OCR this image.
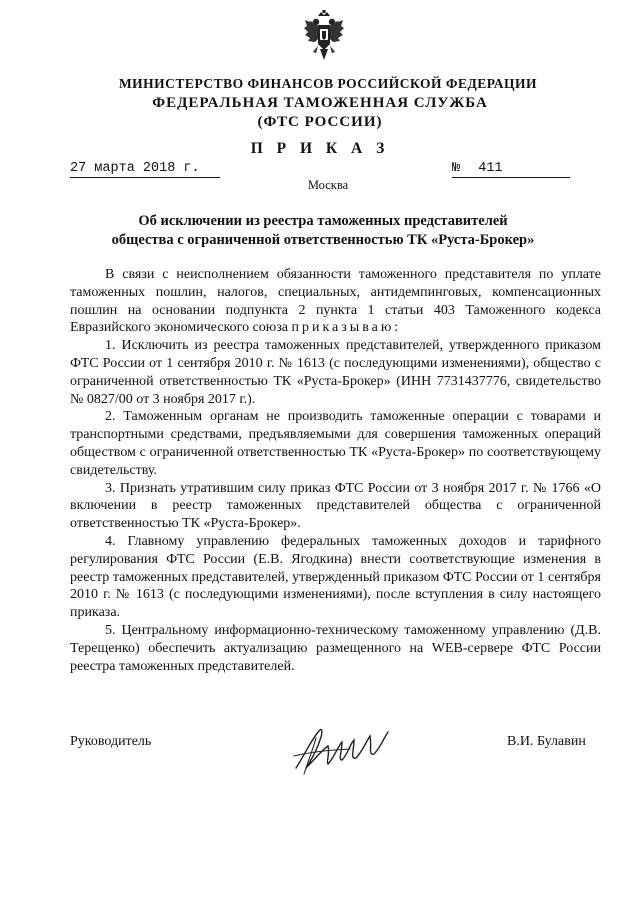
МИНИСТЕРСТВО ФИНАНСОВ РОССИЙСКОЙ ФЕДЕРАЦИИ
ФЕДЕРАЛЬНАЯ ТАМОЖЕННАЯ СЛУЖБА
(ФТС РОССИИ)
П Р И К А З
27 марта 2018 г.	№ 411
Москва
Об исключении из реестра таможенных представителей
общества с ограниченной ответственностью ТК «Руста-Брокер»

В связи с неисполнением обязанности таможенного представителя по уплате таможенных пошлин, налогов, специальных, антидемпинговых, компенсационных пошлин на основании подпункта 2 пункта 1 статьи 403 Таможенного кодекса Евразийского экономического союза приказываю:

1. Исключить из реестра таможенных представителей, утвержденного приказом ФТС России от 1 сентября 2010 г. № 1613 (с последующими изменениями), общество с ограниченной ответственностью ТК «Руста-Брокер» (ИНН 7731437776, свидетельство № 0827/00 от 3 ноября 2017 г.).

2. Таможенным органам не производить таможенные операции с товарами и транспортными средствами, предъявляемыми для совершения таможенных операций обществом с ограниченной ответственностью ТК «Руста-Брокер» по соответствующему свидетельству.

3. Признать утратившим силу приказ ФТС России от 3 ноября 2017 г. № 1766 «О включении в реестр таможенных представителей общества с ограниченной ответственностью ТК «Руста-Брокер».

4. Главному управлению федеральных таможенных доходов и тарифного регулирования ФТС России (Е.В. Ягодкина) внести соответствующие изменения в реестр таможенных представителей, утвержденный приказом ФТС России от 1 сентября 2010 г. № 1613 (с последующими изменениями), после вступления в силу настоящего приказа.

5. Центральному информационно-техническому таможенному управлению (Д.В. Терещенко) обеспечить актуализацию размещенного на WEB-сервере ФТС России реестра таможенных представителей.

Руководитель	В.И. Булавин
